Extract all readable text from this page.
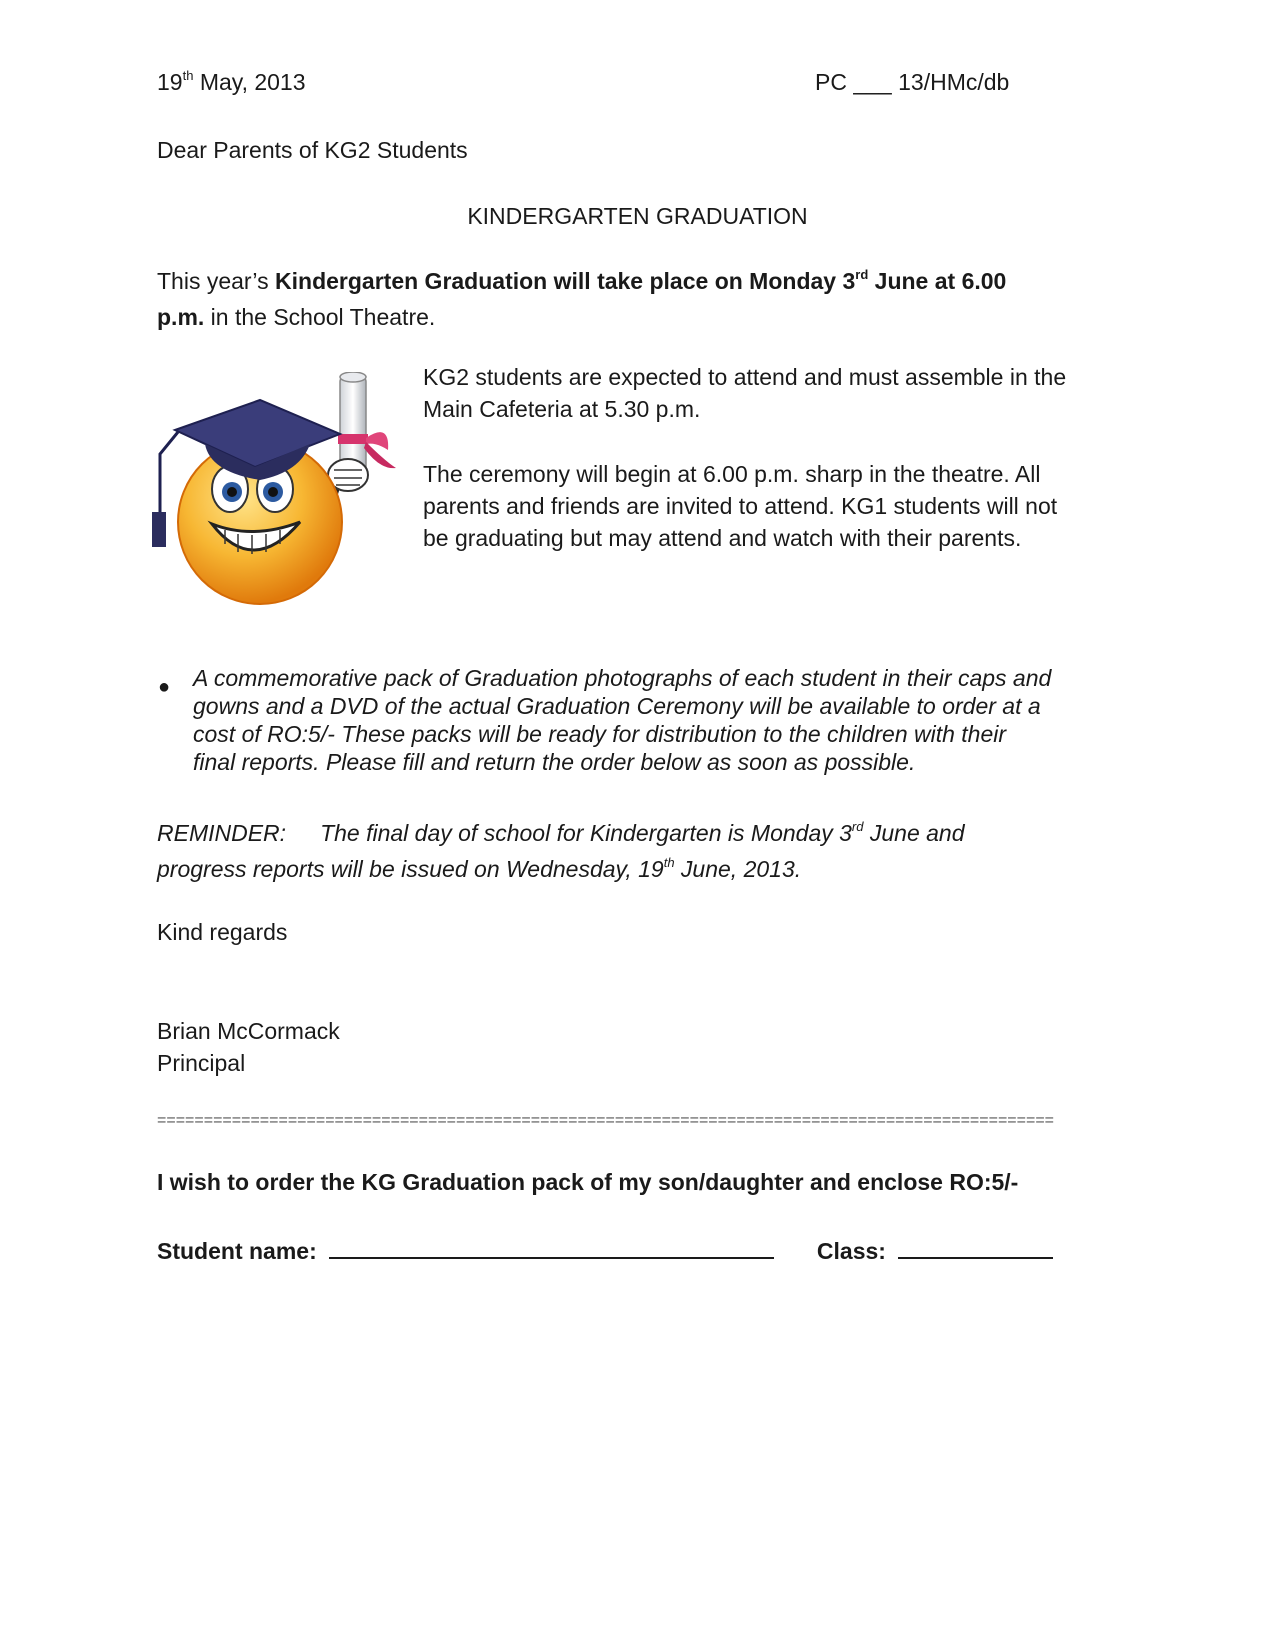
19th May, 2013	PC ___ 13/HMc/db
Dear Parents of KG2 Students
KINDERGARTEN GRADUATION
This year’s Kindergarten Graduation will take place on Monday 3rd June at 6.00
p.m. in the School Theatre.
KG2 students are expected to attend and must assemble in the
Main Cafeteria at 5.30 p.m.
The ceremony will begin at 6.00 p.m. sharp in the theatre. All
parents and friends are invited to attend. KG1 students will not
be graduating but may attend and watch with their parents.
● A commemorative pack of Graduation photographs of each student in their caps and
gowns and a DVD of the actual Graduation Ceremony will be available to order at a
cost of RO:5/- These packs will be ready for distribution to the children with their
final reports. Please fill and return the order below as soon as possible.
REMINDER: The final day of school for Kindergarten is Monday 3rd June and
progress reports will be issued on Wednesday, 19th June, 2013.
Kind regards
Brian McCormack
Principal
================================================================================================
I wish to order the KG Graduation pack of my son/daughter and enclose RO:5/-
Student name:	Class:
